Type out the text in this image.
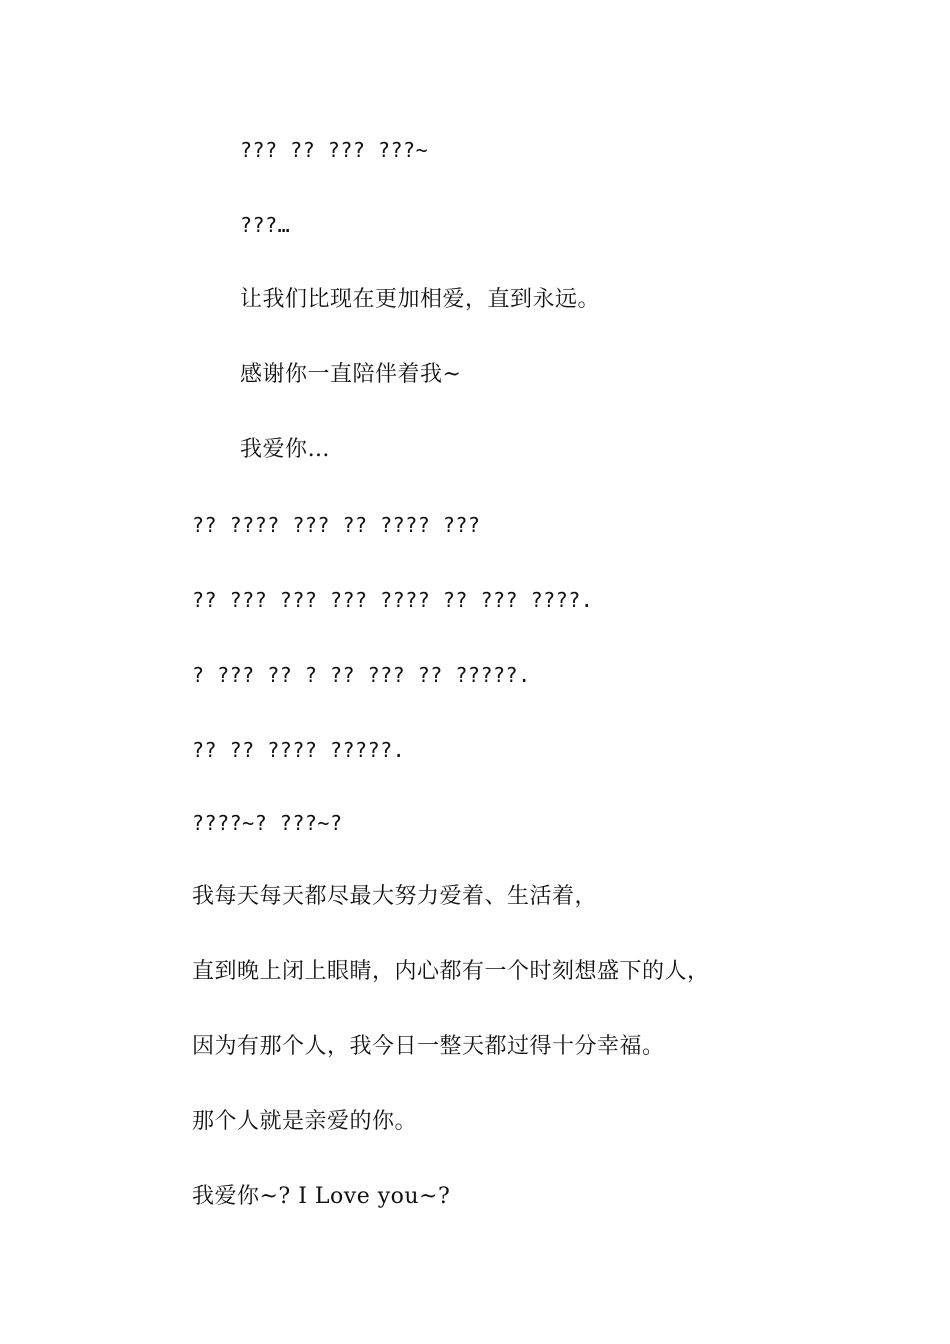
??? ?? ??? ???~
???…
让我们比现在更加相爱，直到永远。
感谢你一直陪伴着我~
我爱你…
?? ???? ??? ?? ???? ???
?? ??? ??? ??? ???? ?? ??? ????.
? ??? ?? ? ?? ??? ?? ?????.
?? ?? ???? ?????.
????~? ???~?
我每天每天都尽最大努力爱着、生活着，
直到晚上闭上眼睛，内心都有一个时刻想盛下的人，
因为有那个人，我今日一整天都过得十分幸福。
那个人就是亲爱的你。
我爱你~? I Love you~?
